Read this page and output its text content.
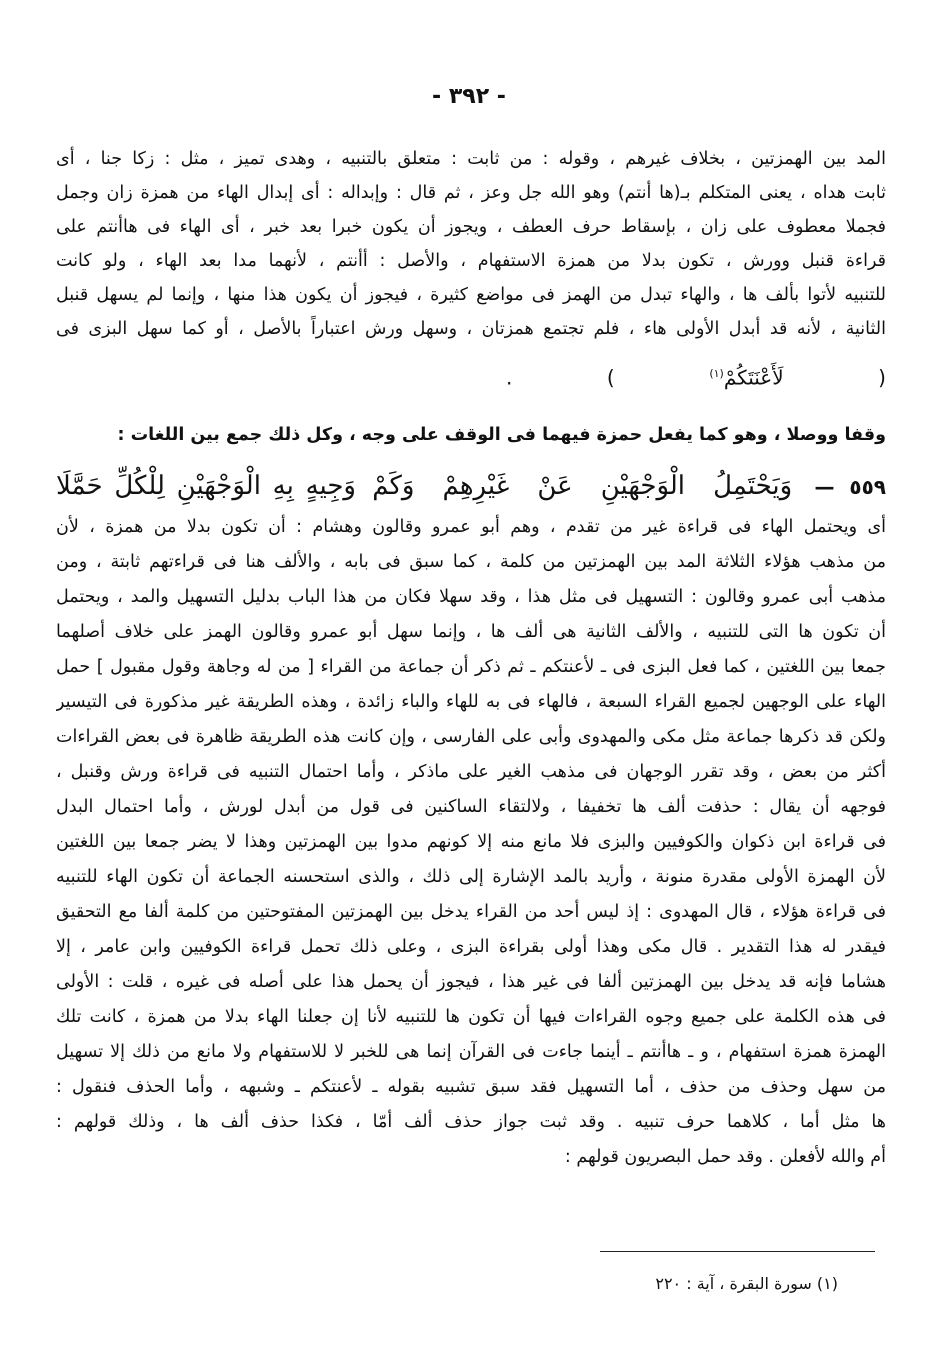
- ٣٩٢ -
المد بين الهمزتين ، بخلاف غيرهم ، وقوله : من ثابت : متعلق بالتنبيه ، وهدى تميز ، مثل : زكا جنا ، أى
ثابت هداه ، يعنى المتكلم بـ(ها أنتم) وهو الله جل وعز ، ثم قال : وإبداله : أى إبدال الهاء من همزة زان وجمل
فجملا معطوف على زان ، بإسقاط حرف العطف ، ويجوز أن يكون خبرا بعد خبر ، أى الهاء فى هاأنتم على
قراءة قنبل وورش ، تكون بدلا من همزة الاستفهام ، والأصل : أأنتم ، لأنهما مدا بعد الهاء ، ولو كانت
للتنبيه لأتوا بألف ها ، والهاء تبدل من الهمز فى مواضع كثيرة ، فيجوز أن يكون هذا منها ، وإنما لم يسهل قنبل
الثانية ، لأنه قد أبدل الأولى هاء ، فلم تجتمع همزتان ، وسهل ورش اعتباراً بالأصل ، أو كما سهل البزى فى
( لَأَعْنَتَكُمْ$^{(١)}$ ) .
وقفا ووصلا ، وهو كما يفعل حمزة فيهما فى الوقف على وجه ، وكل ذلك جمع بين اللغات :
٥٥٩ — وَيَحْتَمِلُ الْوَجْهَيْنِ عَنْ غَيْرِهِمْ وَكَمْ وَجِيهٍ بِهِ الْوَجْهَيْنِ لِلْكُلِّ حَمَّلَا
أى ويحتمل الهاء فى قراءة غير من تقدم ، وهم أبو عمرو وقالون وهشام : أن تكون بدلا من همزة ، لأن
من مذهب هؤلاء الثلاثة المد بين الهمزتين من كلمة ، كما سبق فى بابه ، والألف هنا فى قراءتهم ثابتة ، ومن
مذهب أبى عمرو وقالون : التسهيل فى مثل هذا ، وقد سهلا فكان من هذا الباب بدليل التسهيل والمد ، ويحتمل
أن تكون ها التى للتنبيه ، والألف الثانية هى ألف ها ، وإنما سهل أبو عمرو وقالون الهمز على خلاف أصلهما
جمعا بين اللغتين ، كما فعل البزى فى ـ لأعنتكم ـ ثم ذكر أن جماعة من القراء [ من له وجاهة وقول مقبول ] حمل
الهاء على الوجهين لجميع القراء السبعة ، فالهاء فى به للهاء والباء زائدة ، وهذه الطريقة غير مذكورة فى التيسير
ولكن قد ذكرها جماعة مثل مكى والمهدوى وأبى على الفارسى ، وإن كانت هذه الطريقة ظاهرة فى بعض القراءات
أكثر من بعض ، وقد تقرر الوجهان فى مذهب الغير على ماذكر ، وأما احتمال التنبيه فى قراءة ورش وقنبل ،
فوجهه أن يقال : حذفت ألف ها تخفيفا ، ولالتقاء الساكنين فى قول من أبدل لورش ، وأما احتمال البدل
فى قراءة ابن ذكوان والكوفيين والبزى فلا مانع منه إلا كونهم مدوا بين الهمزتين وهذا لا يضر جمعا بين اللغتين
لأن الهمزة الأولى مقدرة منونة ، وأريد بالمد الإشارة إلى ذلك ، والذى استحسنه الجماعة أن تكون الهاء للتنبيه
فى قراءة هؤلاء ، قال المهدوى : إذ ليس أحد من القراء يدخل بين الهمزتين المفتوحتين من كلمة ألفا مع التحقيق
فيقدر له هذا التقدير . قال مكى وهذا أولى بقراءة البزى ، وعلى ذلك تحمل قراءة الكوفيين وابن عامر ، إلا
هشاما فإنه قد يدخل بين الهمزتين ألفا فى غير هذا ، فيجوز أن يحمل هذا على أصله فى غيره ، قلت : الأولى
فى هذه الكلمة على جميع وجوه القراءات فيها أن تكون ها للتنبيه لأنا إن جعلنا الهاء بدلا من همزة ، كانت تلك
الهمزة همزة استفهام ، و ـ هاأنتم ـ أينما جاءت فى القرآن إنما هى للخبر لا للاستفهام ولا مانع من ذلك إلا تسهيل
من سهل وحذف من حذف ، أما التسهيل فقد سبق تشبيه بقوله ـ لأعنتكم ـ وشبهه ، وأما الحذف فنقول :
ها مثل أما ، كلاهما حرف تنبيه . وقد ثبت جواز حذف ألف أمّا ، فكذا حذف ألف ها ، وذلك قولهم :
أم والله لأفعلن . وقد حمل البصريون قولهم :
(١) سورة البقرة ، آية : ٢٢٠
